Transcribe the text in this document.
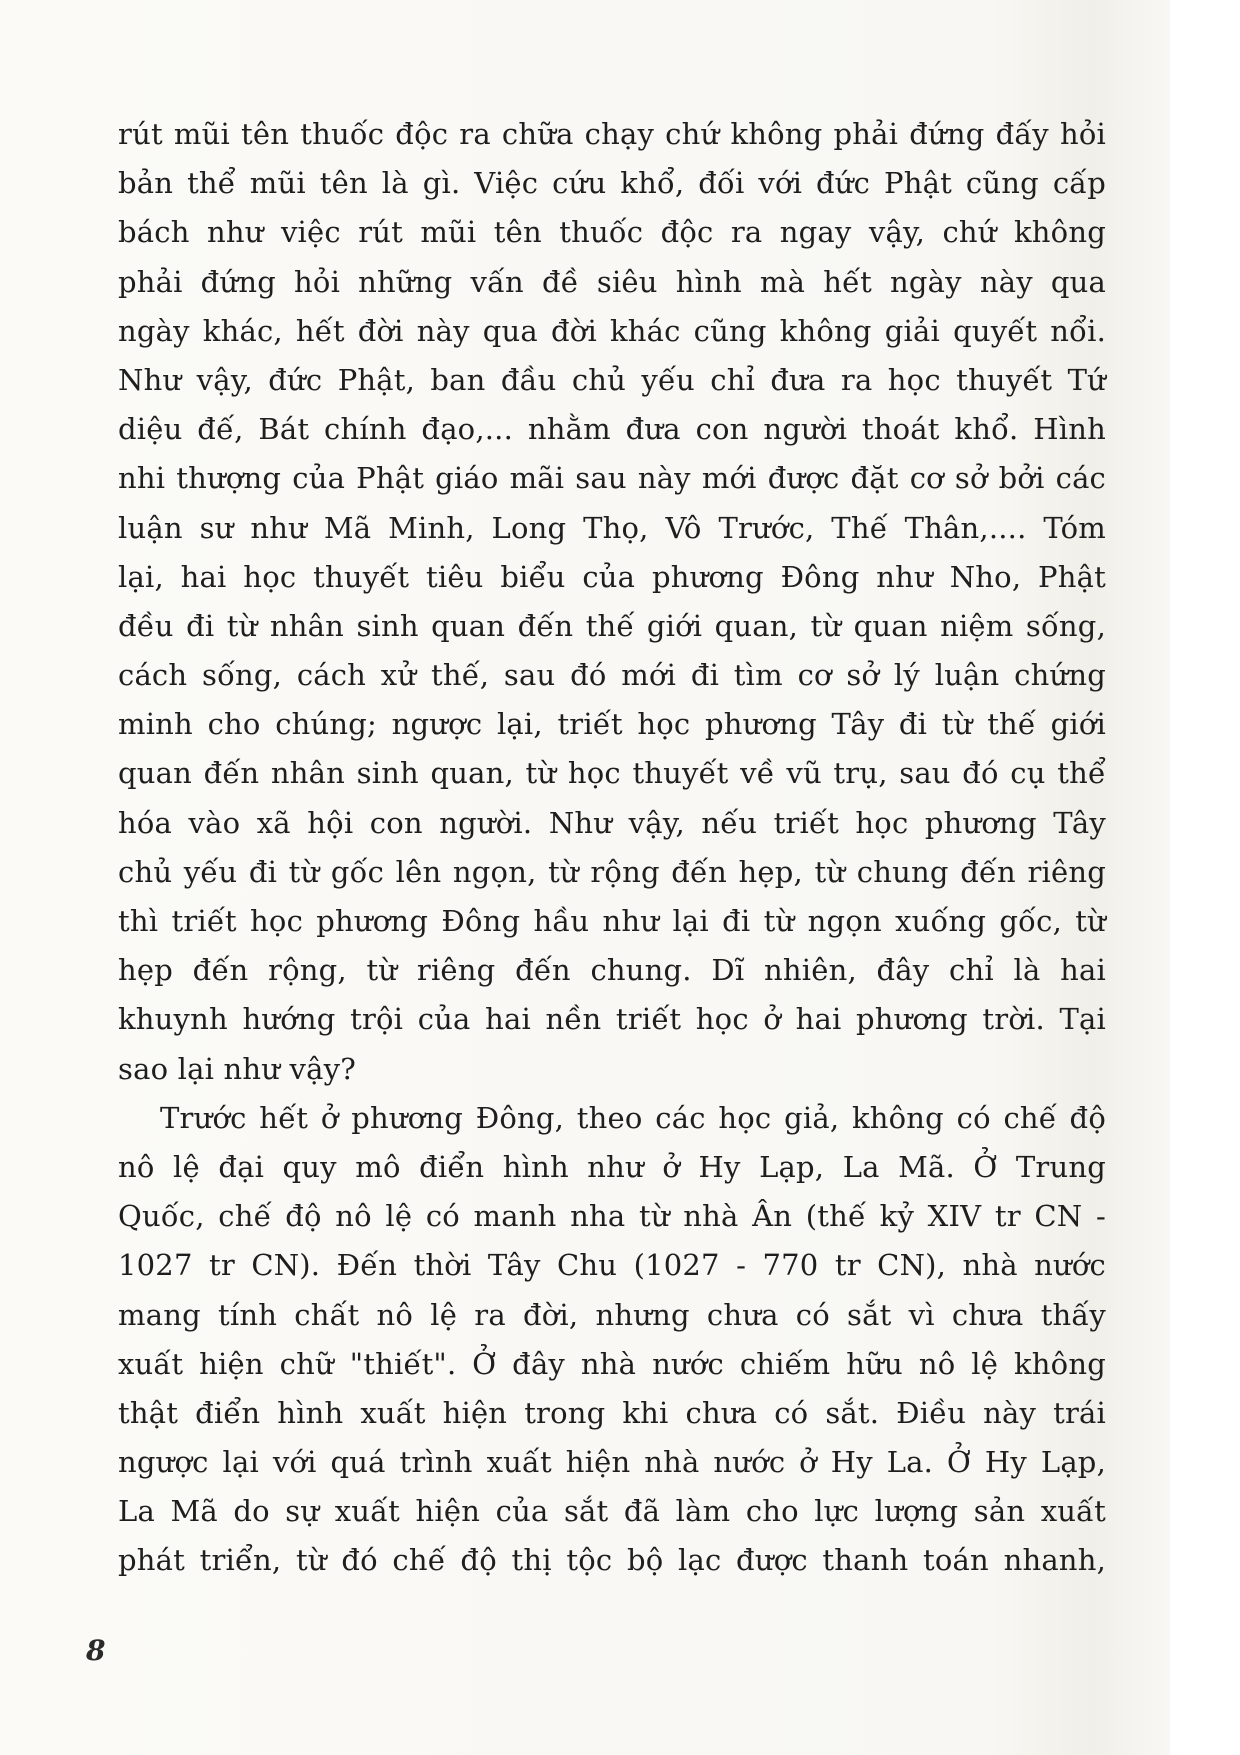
rút mũi tên thuốc độc ra chữa chạy chứ không phải đứng đấy hỏi
bản thể mũi tên là gì. Việc cứu khổ, đối với đức Phật cũng cấp
bách như việc rút mũi tên thuốc độc ra ngay vậy, chứ không
phải đứng hỏi những vấn đề siêu hình mà hết ngày này qua
ngày khác, hết đời này qua đời khác cũng không giải quyết nổi.
Như vậy, đức Phật, ban đầu chủ yếu chỉ đưa ra học thuyết Tứ
diệu đế, Bát chính đạo,... nhằm đưa con người thoát khổ. Hình
nhi thượng của Phật giáo mãi sau này mới được đặt cơ sở bởi các
luận sư như Mã Minh, Long Thọ, Vô Trước, Thế Thân,.... Tóm
lại, hai học thuyết tiêu biểu của phương Đông như Nho, Phật
đều đi từ nhân sinh quan đến thế giới quan, từ quan niệm sống,
cách sống, cách xử thế, sau đó mới đi tìm cơ sở lý luận chứng
minh cho chúng; ngược lại, triết học phương Tây đi từ thế giới
quan đến nhân sinh quan, từ học thuyết về vũ trụ, sau đó cụ thể
hóa vào xã hội con người. Như vậy, nếu triết học phương Tây
chủ yếu đi từ gốc lên ngọn, từ rộng đến hẹp, từ chung đến riêng
thì triết học phương Đông hầu như lại đi từ ngọn xuống gốc, từ
hẹp đến rộng, từ riêng đến chung. Dĩ nhiên, đây chỉ là hai
khuynh hướng trội của hai nền triết học ở hai phương trời. Tại
sao lại như vậy?
Trước hết ở phương Đông, theo các học giả, không có chế độ
nô lệ đại quy mô điển hình như ở Hy Lạp, La Mã. Ở Trung
Quốc, chế độ nô lệ có manh nha từ nhà Ân (thế kỷ XIV tr CN -
1027 tr CN). Đến thời Tây Chu (1027 - 770 tr CN), nhà nước
mang tính chất nô lệ ra đời, nhưng chưa có sắt vì chưa thấy
xuất hiện chữ "thiết". Ở đây nhà nước chiếm hữu nô lệ không
thật điển hình xuất hiện trong khi chưa có sắt. Điều này trái
ngược lại với quá trình xuất hiện nhà nước ở Hy La. Ở Hy Lạp,
La Mã do sự xuất hiện của sắt đã làm cho lực lượng sản xuất
phát triển, từ đó chế độ thị tộc bộ lạc được thanh toán nhanh,
8
